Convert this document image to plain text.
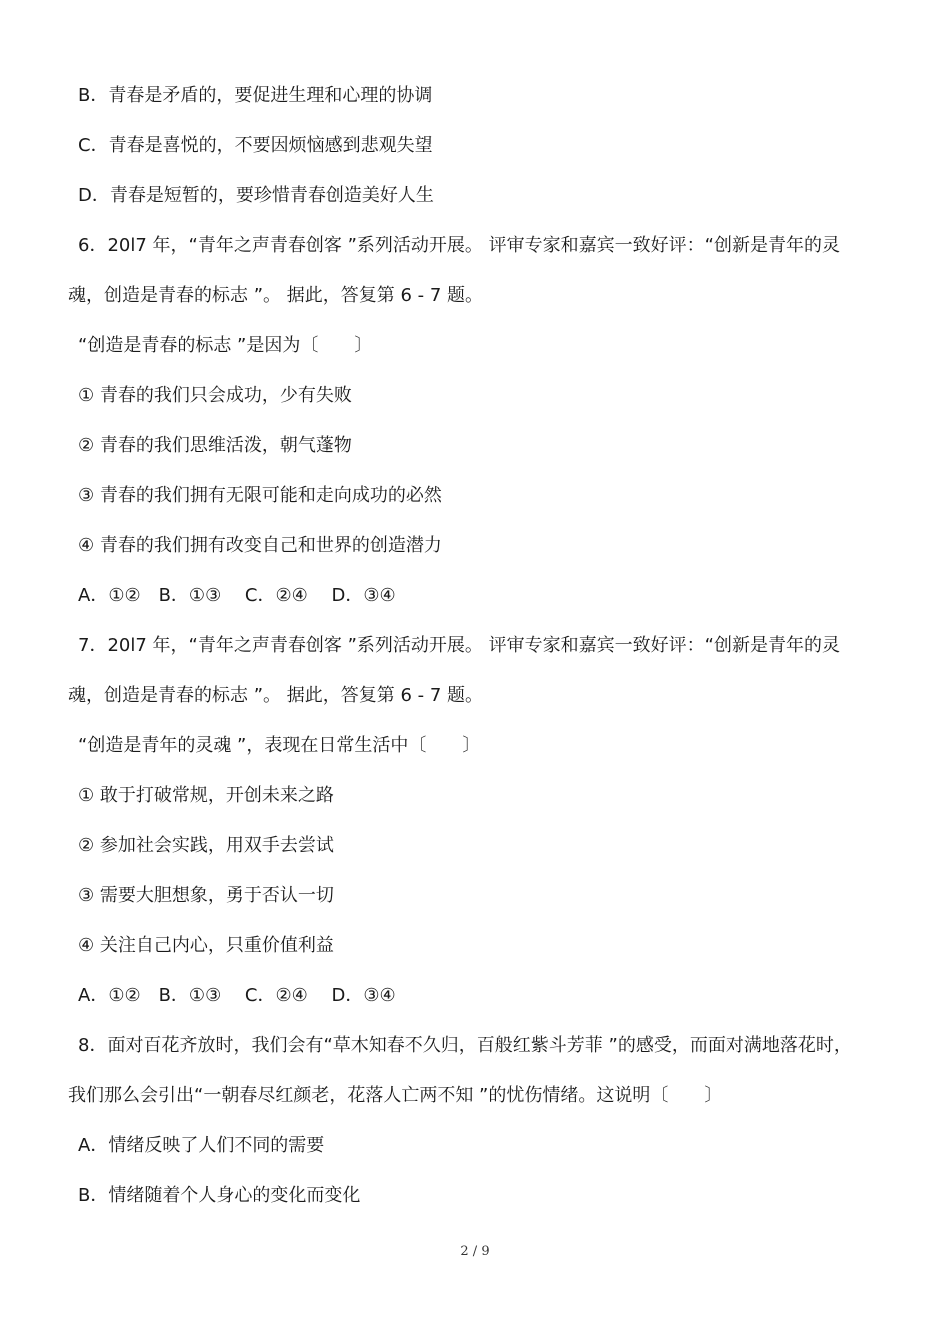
B．青春是矛盾的，要促进生理和心理的协调
C．青春是喜悦的，不要因烦恼感到悲观失望
D．青春是短暂的，要珍惜青春创造美好人生
6．20l7 年，“青年之声青春创客 ”系列活动开展。 评审专家和嘉宾一致好评：“创新是青年的灵
魂，创造是青春的标志 ”。 据此，答复第 6 - 7 题。
“创造是青春的标志 ”是因为〔　　〕
① 青春的我们只会成功，少有失败
② 青春的我们思维活泼，朝气蓬物
③ 青春的我们拥有无限可能和走向成功的必然
④ 青春的我们拥有改变自己和世界的创造潜力
A．①②　B．①③　 C．②④　 D．③④
7．20l7 年，“青年之声青春创客 ”系列活动开展。 评审专家和嘉宾一致好评：“创新是青年的灵
魂，创造是青春的标志 ”。 据此，答复第 6 - 7 题。
“创造是青年的灵魂 ”，表现在日常生活中〔　　〕
① 敢于打破常规，开创未来之路
② 参加社会实践，用双手去尝试
③ 需要大胆想象，勇于否认一切
④ 关注自己内心，只重价值利益
A．①②　B．①③　 C．②④　 D．③④
8．面对百花齐放时，我们会有“草木知春不久归，百般红紫斗芳菲 ”的感受，而面对满地落花时，
我们那么会引出“一朝春尽红颜老，花落人亡两不知 ”的忧伤情绪。这说明〔　　〕
A．情绪反映了人们不同的需要
B．情绪随着个人身心的变化而变化
2 / 9
